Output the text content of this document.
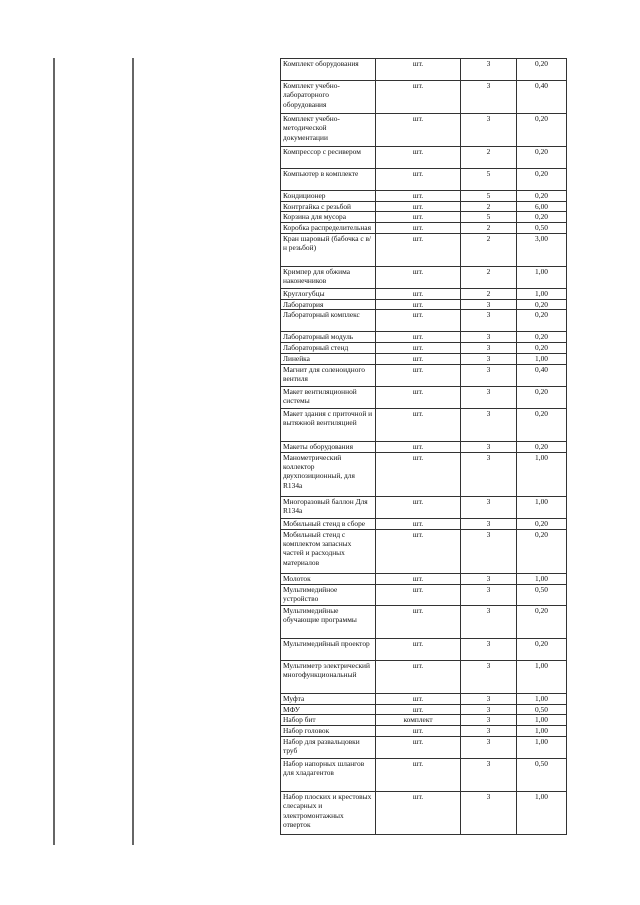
Комплект оборудования	шт.	3	0,20
Комплект учебно-лабораторного оборудования	шт.	3	0,40
Комплект учебно-методической документации	шт.	3	0,20

Компрессор с ресивером	шт.	2	0,20

Компьютер в комплекте	шт.	5	0,20
Кондиционер	шт.	5	0,20

Контргайка с резьбой	шт.	2	6,00
Корзина для мусора	шт.	5	0,20

Коробка распределительная	шт.	2	0,50
Кран шаровый (бабочка с в/н резьбой)	шт.	2	3,00
Кримпер для обжима наконечников	шт.	2	1,00
Круглогубцы	шт.	2	1,00
Лаборатория	шт.	3	0,20

Лабораторный комплекс	шт.	3	0,20
Лабораторный модуль	шт.	3	0,20
Лабораторный стенд	шт.	3	0,20
Линейка	шт.	3	1,00
Магнит для соленоидного вентиля	шт.	3	0,40
Макет вентиляционной системы	шт.	3	0,20
Макет здания с приточной и вытяжной вентиляцией	шт.	3	0,20
Макеты оборудования	шт.	3	0,20
Манометрический коллектор двухпозиционный, для R134a	шт.	3	1,00
Многоразовый баллон Для R134a	шт.	3	1,00

Мобильный стенд в сборе	шт.	3	0,20
Мобильный стенд с комплектом запасных частей и расходных материалов	шт.	3	0,20
Молоток	шт.	3	1,00
Мультимедийное устройство	шт.	3	0,50
Мультимедийные обучающие программы	шт.	3	0,20
Мультимедийный проектор	шт.	3	0,20
Мультиметр электрический многофункциональный	шт.	3	1,00
Муфта	шт.	3	1,00
МФУ	шт.	3	0,50
Набор бит	комплект	3	1,00
Набор головок	шт.	3	1,00
Набор для развальцовки труб	шт.	3	1,00
Набор напорных шлангов для хладагентов	шт.	3	0,50
Набор плоских и крестовых слесарных и электромонтажных отверток	шт.	3	1,00
